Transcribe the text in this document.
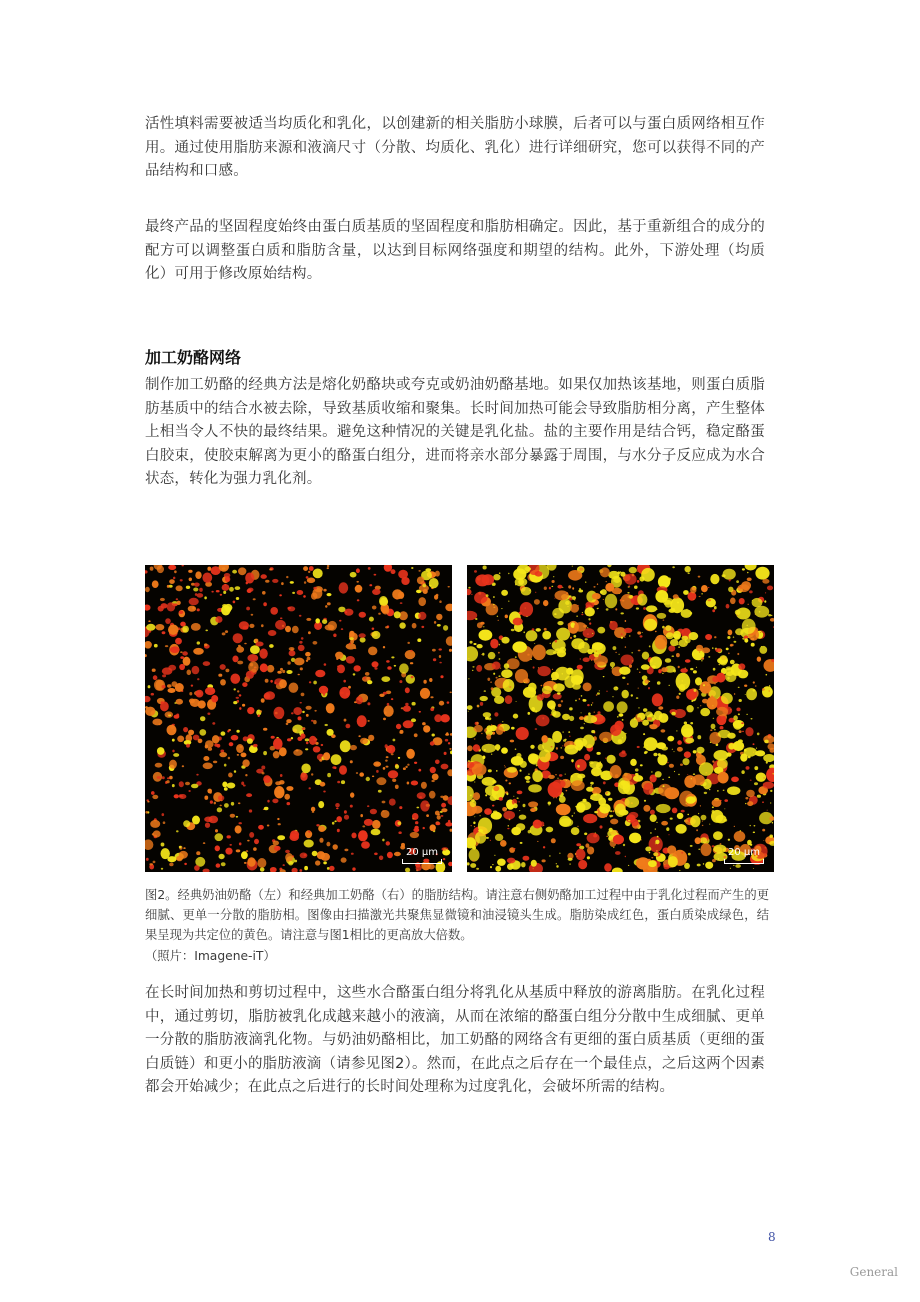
活性填料需要被适当均质化和乳化，以创建新的相关脂肪小球膜，后者可以与蛋白质网络相互作用。通过使用脂肪来源和液滴尺寸（分散、均质化、乳化）进行详细研究，您可以获得不同的产品结构和口感。

最终产品的坚固程度始终由蛋白质基质的坚固程度和脂肪相确定。因此，基于重新组合的成分的配方可以调整蛋白质和脂肪含量，以达到目标网络强度和期望的结构。此外，下游处理（均质化）可用于修改原始结构。

加工奶酪网络

制作加工奶酪的经典方法是熔化奶酪块或夸克或奶油奶酪基地。如果仅加热该基地，则蛋白质脂肪基质中的结合水被去除，导致基质收缩和聚集。长时间加热可能会导致脂肪相分离，产生整体上相当令人不快的最终结果。避免这种情况的关键是乳化盐。盐的主要作用是结合钙，稳定酪蛋白胶束，使胶束解离为更小的酪蛋白组分，进而将亲水部分暴露于周围，与水分子反应成为水合状态，转化为强力乳化剂。

20 µm	20 µm

图2。经典奶油奶酪（左）和经典加工奶酪（右）的脂肪结构。请注意右侧奶酪加工过程中由于乳化过程而产生的更细腻、更单一分散的脂肪相。图像由扫描激光共聚焦显微镜和油浸镜头生成。脂肪染成红色，蛋白质染成绿色，结果呈现为共定位的黄色。请注意与图1相比的更高放大倍数。

（照片：Imagene-iT）

在长时间加热和剪切过程中，这些水合酪蛋白组分将乳化从基质中释放的游离脂肪。在乳化过程中，通过剪切，脂肪被乳化成越来越小的液滴，从而在浓缩的酪蛋白组分分散中生成细腻、更单一分散的脂肪液滴乳化物。与奶油奶酪相比，加工奶酪的网络含有更细的蛋白质基质（更细的蛋白质链）和更小的脂肪液滴（请参见图2）。然而，在此点之后存在一个最佳点，之后这两个因素都会开始减少；在此点之后进行的长时间处理称为过度乳化，会破坏所需的结构。

8
General
